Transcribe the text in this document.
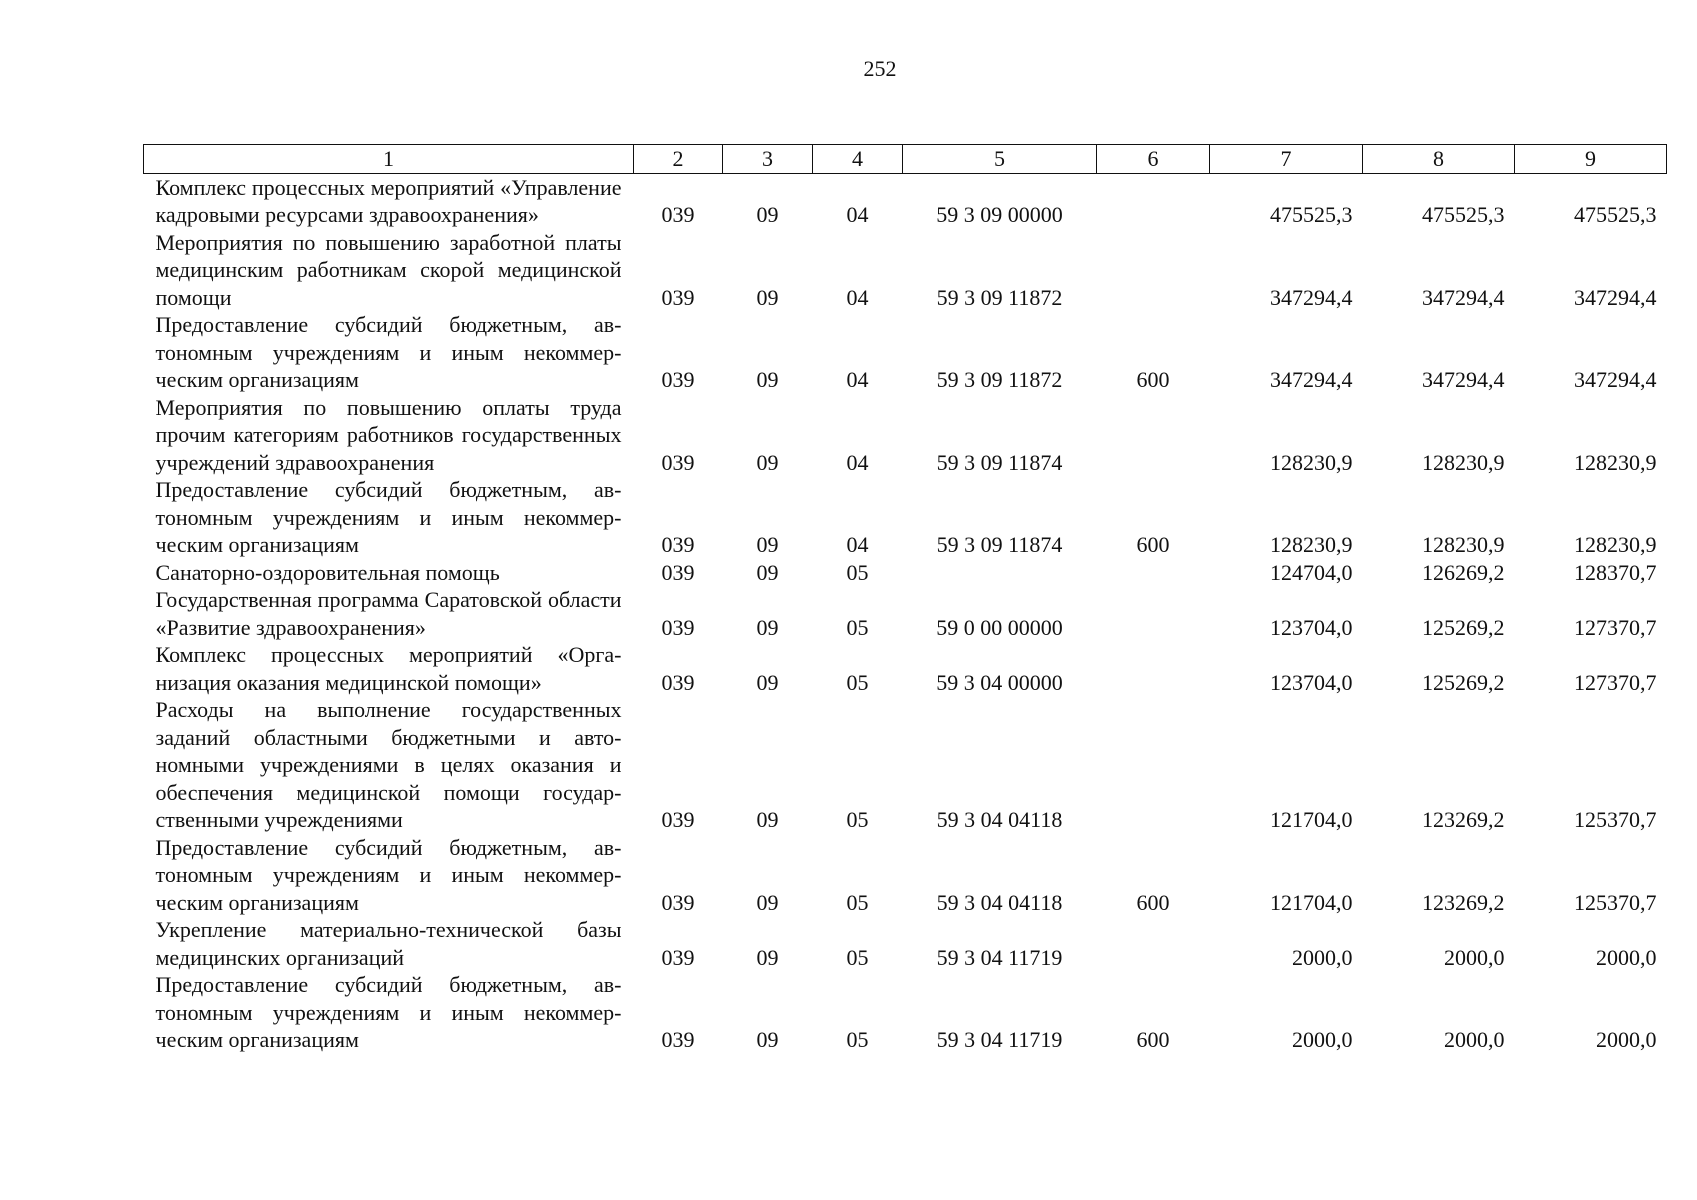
252
1	2	3	4	5	6	7	8	9
Комплекс процессных мероприятий «Управление кадровыми ресурсами здравоохранения»	039	09	04	59 3 09 00000		475525,3	475525,3	475525,3
Мероприятия по повышению заработной платы медицинским работникам скорой медицинской помощи	039	09	04	59 3 09 11872		347294,4	347294,4	347294,4
Предоставление субсидий бюджетным, автономным учреждениям и иным некоммерческим организациям	039	09	04	59 3 09 11872	600	347294,4	347294,4	347294,4
Мероприятия по повышению оплаты труда прочим категориям работников государственных учреждений здравоохранения	039	09	04	59 3 09 11874		128230,9	128230,9	128230,9
Предоставление субсидий бюджетным, автономным учреждениям и иным некоммерческим организациям	039	09	04	59 3 09 11874	600	128230,9	128230,9	128230,9
Санаторно-оздоровительная помощь	039	09	05			124704,0	126269,2	128370,7
Государственная программа Саратовской области «Развитие здравоохранения»	039	09	05	59 0 00 00000		123704,0	125269,2	127370,7
Комплекс процессных мероприятий «Организация оказания медицинской помощи»	039	09	05	59 3 04 00000		123704,0	125269,2	127370,7
Расходы на выполнение государственных заданий областными бюджетными и автономными учреждениями в целях оказания и обеспечения медицинской помощи государственными учреждениями	039	09	05	59 3 04 04118		121704,0	123269,2	125370,7
Предоставление субсидий бюджетным, автономным учреждениям и иным некоммерческим организациям	039	09	05	59 3 04 04118	600	121704,0	123269,2	125370,7
Укрепление материально-технической базы медицинских организаций	039	09	05	59 3 04 11719		2000,0	2000,0	2000,0
Предоставление субсидий бюджетным, автономным учреждениям и иным некоммерческим организациям	039	09	05	59 3 04 11719	600	2000,0	2000,0	2000,0
